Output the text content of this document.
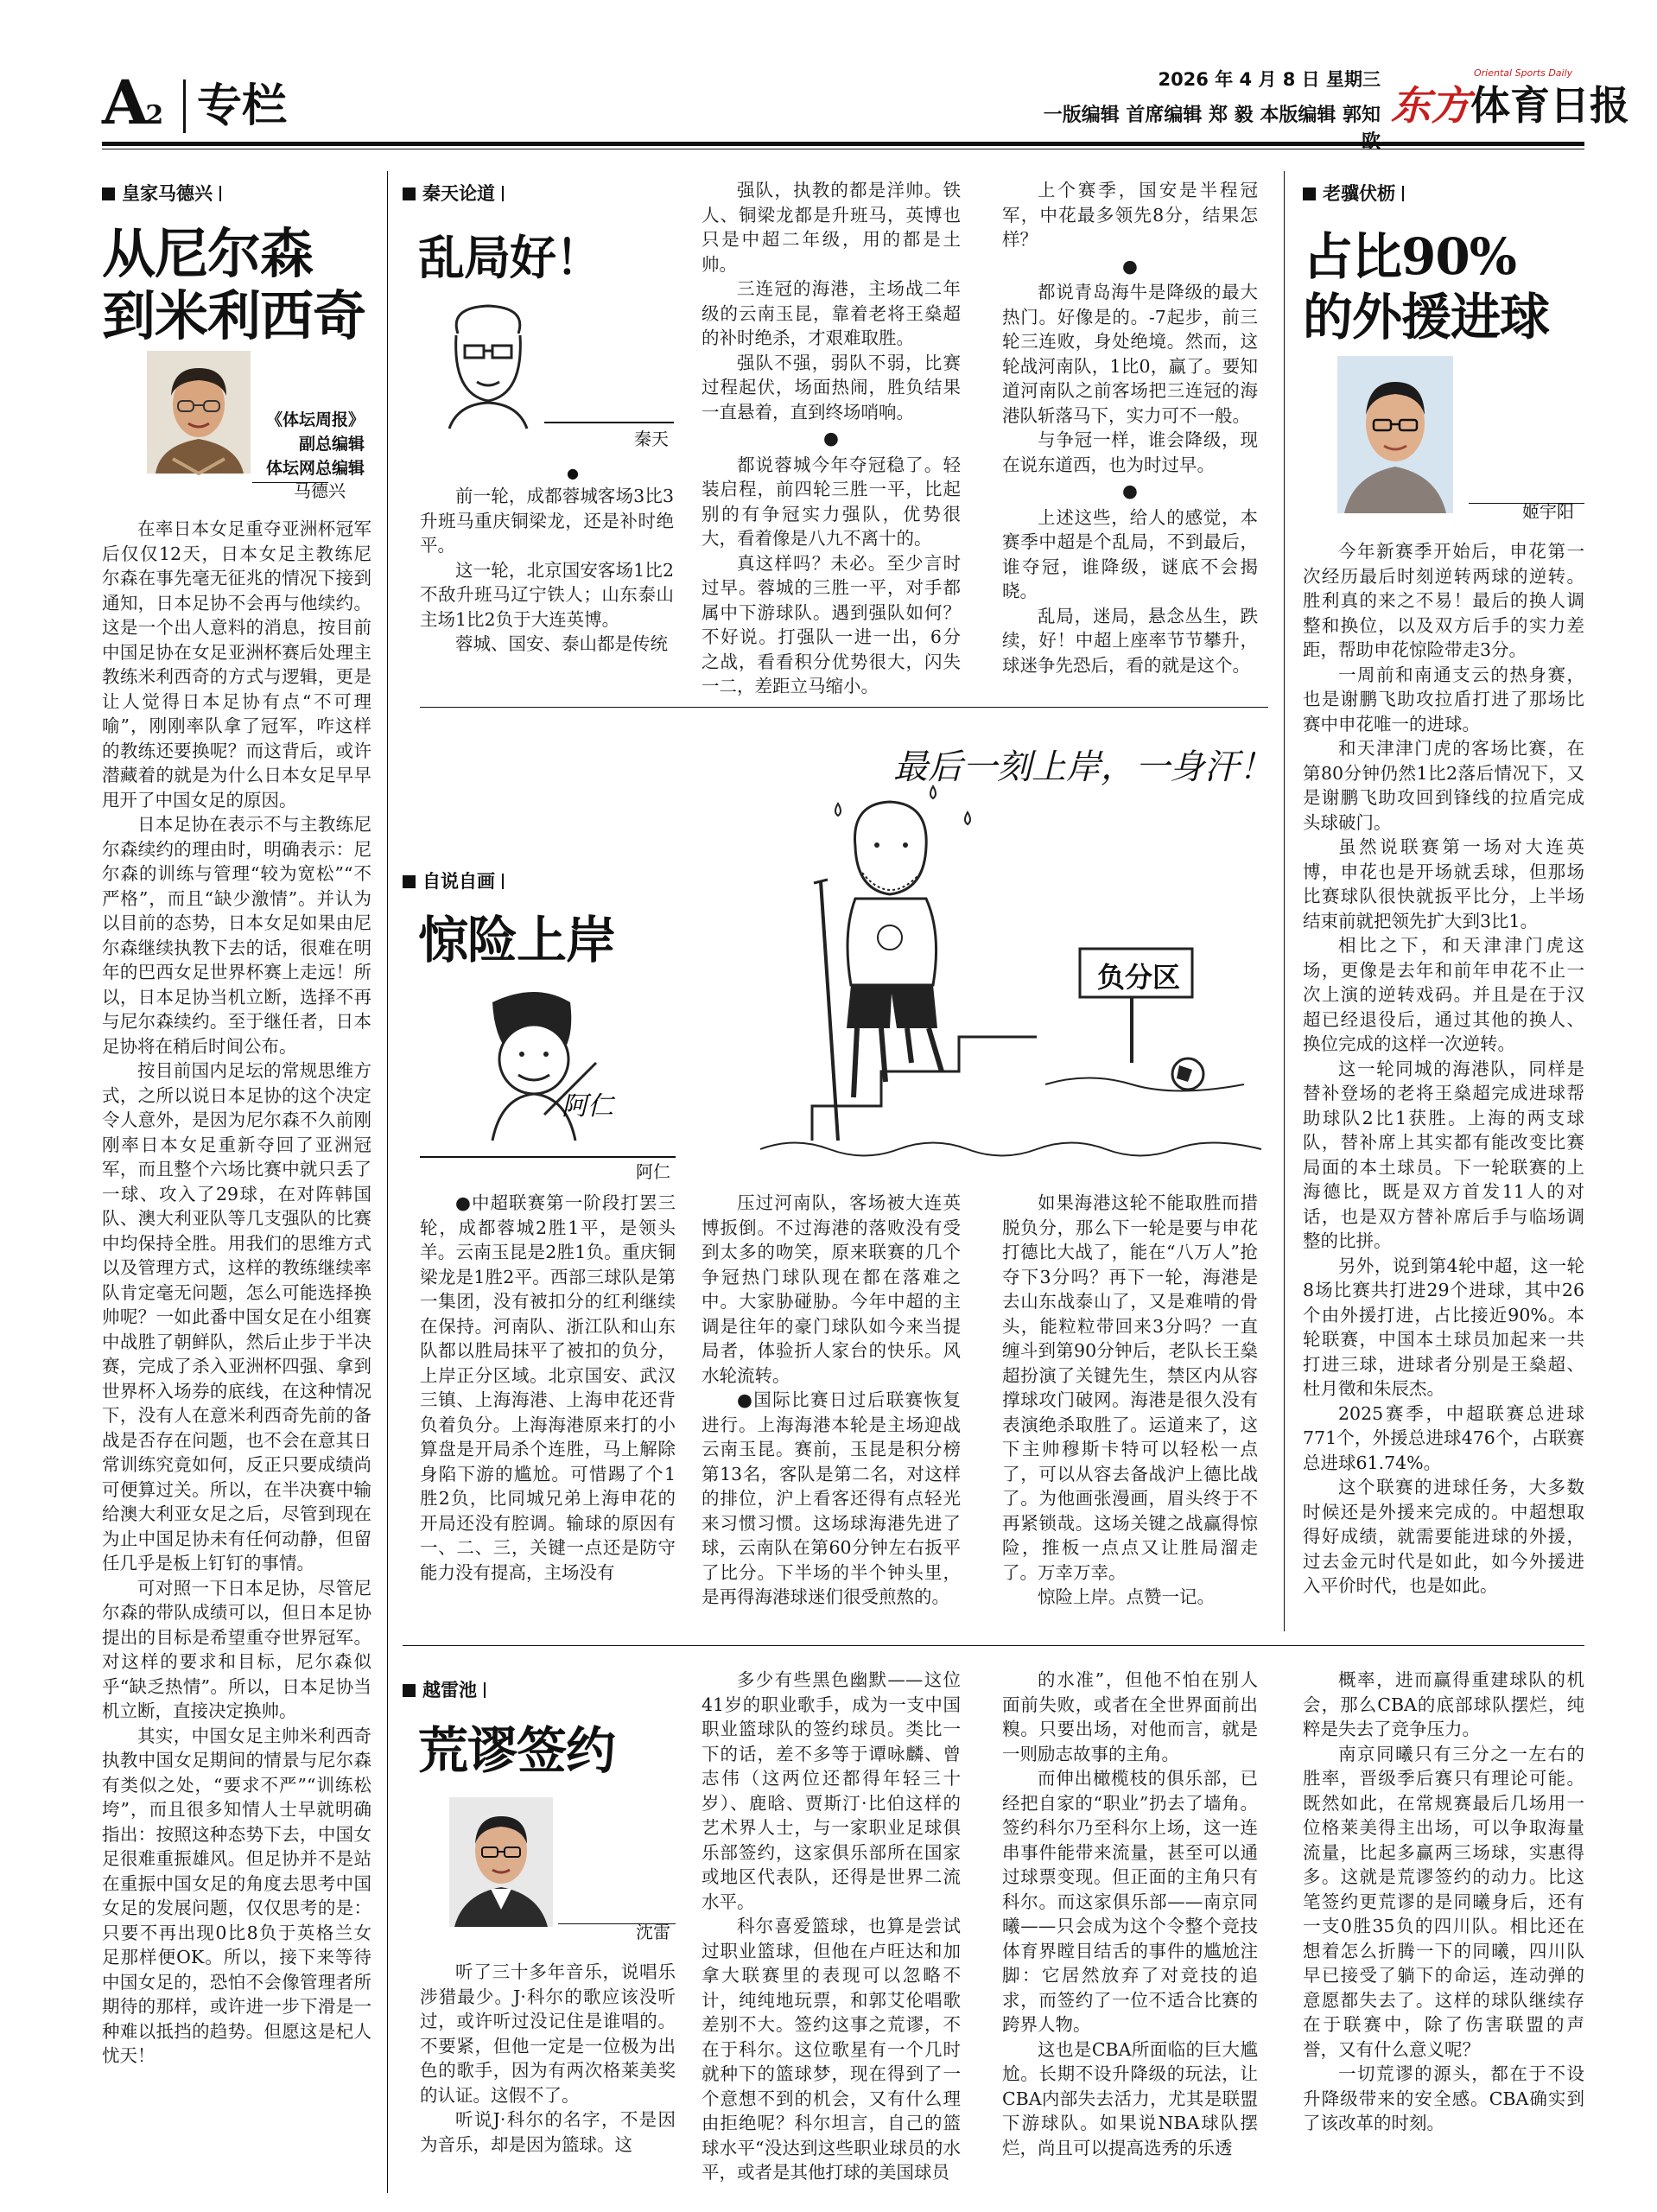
A2 专栏
2026 年 4 月 8 日 星期三
一版编辑 首席编辑 郑 毅 本版编辑 郭知
Oriental Sports Daily
东方体育日报
皇家马德兴
从尼尔森
到米利西奇
《体坛周报》
副总编辑
体坛网总编辑
马德兴

在率日本女足重夺亚洲杯冠军后仅仅12天，日本女足主教练尼尔森在事先毫无征兆的情况下接到通知，日本足协不会再与他续约。这是一个出人意料的消息，按目前中国足协在女足亚洲杯赛后处理主教练米利西奇的方式与逻辑，更是让人觉得日本足协有点“不可理喻”，刚刚率队拿了冠军，咋这样的教练还要换呢？而这背后，或许潜藏着的就是为什么日本女足早早甩开了中国女足的原因。

日本足协在表示不与主教练尼尔森续约的理由时，明确表示：尼尔森的训练与管理“较为宽松”“不严格”，而且“缺少激情”。并认为以目前的态势，日本女足如果由尼尔森继续执教下去的话，很难在明年的巴西女足世界杯赛上走远！所以，日本足协当机立断，选择不再与尼尔森续约。至于继任者，日本足协将在稍后时间公布。

按目前国内足坛的常规思维方式，之所以说日本足协的这个决定令人意外，是因为尼尔森不久前刚刚率日本女足重新夺回了亚洲冠军，而且整个六场比赛中就只丢了一球、攻入了29球，在对阵韩国队、澳大利亚队等几支强队的比赛中均保持全胜。用我们的思维方式以及管理方式，这样的教练继续率队肯定毫无问题，怎么可能选择换帅呢？一如此番中国女足在小组赛中战胜了朝鲜队，然后止步于半决赛，完成了杀入亚洲杯四强、拿到世界杯入场券的底线，在这种情况下，没有人在意米利西奇先前的备战是否存在问题，也不会在意其日常训练究竟如何，反正只要成绩尚可便算过关。所以，在半决赛中输给澳大利亚女足之后，尽管到现在为止中国足协未有任何动静，但留任几乎是板上钉钉的事情。

可对照一下日本足协，尽管尼尔森的带队成绩可以，但日本足协提出的目标是希望重夺世界冠军。对这样的要求和目标，尼尔森似乎“缺乏热情”。所以，日本足协当机立断，直接决定换帅。

其实，中国女足主帅米利西奇执教中国女足期间的情景与尼尔森有类似之处，“要求不严”“训练松垮”，而且很多知情人士早就明确指出：按照这种态势下去，中国女足很难重振雄风。但足协并不是站在重振中国女足的角度去思考中国女足的发展问题，仅仅思考的是：只要不再出现0比8负于英格兰女足那样便OK。所以，接下来等待中国女足的，恐怕不会像管理者所期待的那样，或许进一步下滑是一种难以抵挡的趋势。但愿这是杞人忧天！

秦天论道
乱局好！
秦天

前一轮，成都蓉城客场3比3升班马重庆铜梁龙，还是补时绝平。

这一轮，北京国安客场1比2不敌升班马辽宁铁人；山东泰山主场1比2负于大连英博。

蓉城、国安、泰山都是传统

强队，执教的都是洋帅。铁人、铜梁龙都是升班马，英博也只是中超二年级，用的都是土帅。

三连冠的海港，主场战二年级的云南玉昆，靠着老将王燊超的补时绝杀，才艰难取胜。

强队不强，弱队不弱，比赛过程起伏，场面热闹，胜负结果一直悬着，直到终场哨响。

●

都说蓉城今年夺冠稳了。轻装启程，前四轮三胜一平，比起别的有争冠实力强队，优势很大，看着像是八九不离十的。

真这样吗？未必。至少言时过早。蓉城的三胜一平，对手都属中下游球队。遇到强队如何？不好说。打强队一进一出，6分之战，看看积分优势很大，闪失一二，差距立马缩小。

上个赛季，国安是半程冠军，中花最多领先8分，结果怎样？

●

都说青岛海牛是降级的最大热门。好像是的。-7起步，前三轮三连败，身处绝境。然而，这轮战河南队，1比0，赢了。要知道河南队之前客场把三连冠的海港队斩落马下，实力可不一般。

与争冠一样，谁会降级，现在说东道西，也为时过早。

●

上述这些，给人的感觉，本赛季中超是个乱局，不到最后，谁夺冠，谁降级，谜底不会揭晓。

乱局，迷局，悬念丛生，跌续，好！中超上座率节节攀升，球迷争先恐后，看的就是这个。

●
最后一刻上岸，一身汗！
负分区
老骥伏枥
占比90%
的外援进球
姬宇阳

今年新赛季开始后，申花第一次经历最后时刻逆转两球的逆转。胜利真的来之不易！最后的换人调整和换位，以及双方后手的实力差距，帮助申花惊险带走3分。

一周前和南通支云的热身赛，也是谢鹏飞助攻拉盾打进了那场比赛中申花唯一的进球。

和天津津门虎的客场比赛，在第80分钟仍然1比2落后情况下，又是谢鹏飞助攻回到锋线的拉盾完成头球破门。

虽然说联赛第一场对大连英博，申花也是开场就丢球，但那场比赛球队很快就扳平比分，上半场结束前就把领先扩大到3比1。

相比之下，和天津津门虎这场，更像是去年和前年申花不止一次上演的逆转戏码。并且是在于汉超已经退役后，通过其他的换人、换位完成的这样一次逆转。

这一轮同城的海港队，同样是替补登场的老将王燊超完成进球帮助球队2比1获胜。上海的两支球队，替补席上其实都有能改变比赛局面的本土球员。下一轮联赛的上海德比，既是双方首发11人的对话，也是双方替补席后手与临场调整的比拼。

另外，说到第4轮中超，这一轮8场比赛共打进29个进球，其中26个由外援打进，占比接近90%。本轮联赛，中国本土球员加起来一共打进三球，进球者分别是王燊超、杜月徵和朱辰杰。

2025赛季，中超联赛总进球771个，外援总进球476个，占联赛总进球61.74%。

这个联赛的进球任务，大多数时候还是外援来完成的。中超想取得好成绩，就需要能进球的外援，过去金元时代是如此，如今外援进入平价时代，也是如此。

自说自画
惊险上岸
阿仁
阿仁

●中超联赛第一阶段打罢三轮，成都蓉城2胜1平，是领头羊。云南玉昆是2胜1负。重庆铜梁龙是1胜2平。西部三球队是第一集团，没有被扣分的红利继续在保持。河南队、浙江队和山东队都以胜局抹平了被扣的负分，上岸正分区域。北京国安、武汉三镇、上海海港、上海申花还背负着负分。上海海港原来打的小算盘是开局杀个连胜，马上解除身陷下游的尴尬。可惜踢了个1胜2负，比同城兄弟上海申花的开局还没有腔调。输球的原因有一、二、三，关键一点还是防守能力没有提高，主场没有

压过河南队，客场被大连英博扳倒。不过海港的落败没有受到太多的吻笑，原来联赛的几个争冠热门球队现在都在落难之中。大家胁碰胁。今年中超的主调是往年的豪门球队如今来当提局者，体验折人家台的快乐。风水轮流转。

●国际比赛日过后联赛恢复进行。上海海港本轮是主场迎战云南玉昆。赛前，玉昆是积分榜第13名，客队是第二名，对这样的排位，沪上看客还得有点轻光来习惯习惯。这场球海港先进了球，云南队在第60分钟左右扳平了比分。下半场的半个钟头里，是再得海港球迷们很受煎熬的。

如果海港这轮不能取胜而措脱负分，那么下一轮是要与申花打德比大战了，能在“八万人”抢夺下3分吗？再下一轮，海港是去山东战泰山了，又是难啃的骨头，能粒粒带回来3分吗？一直缠斗到第90分钟后，老队长王燊超扮演了关键先生，禁区内从容撑球攻门破网。海港是很久没有表演绝杀取胜了。运道来了，这下主帅穆斯卡特可以轻松一点了，可以从容去备战沪上德比战了。为他画张漫画，眉头终于不再紧锁哉。这场关键之战赢得惊险，推板一点点又让胜局溜走了。万幸万幸。

惊险上岸。点赞一记。

越雷池
荒谬签约
沈雷

听了三十多年音乐，说唱乐涉猎最少。J·科尔的歌应该没听过，或许听过没记住是谁唱的。不要紧，但他一定是一位极为出色的歌手，因为有两次格莱美奖的认证。这假不了。

听说J·科尔的名字，不是因为音乐，却是因为篮球。这

多少有些黑色幽默——这位41岁的职业歌手，成为一支中国职业篮球队的签约球员。类比一下的话，差不多等于谭咏麟、曾志伟（这两位还都得年轻三十岁）、鹿晗、贾斯汀·比伯这样的艺术界人士，与一家职业足球俱乐部签约，这家俱乐部所在国家或地区代表队，还得是世界二流水平。

科尔喜爱篮球，也算是尝试过职业篮球，但他在卢旺达和加拿大联赛里的表现可以忽略不计，纯纯地玩票，和郭艾伦唱歌差别不大。签约这事之荒谬，不在于科尔。这位歌星有一个几时就种下的篮球梦，现在得到了一个意想不到的机会，又有什么理由拒绝呢？科尔坦言，自己的篮球水平“没达到这些职业球员的水平，或者是其他打球的美国球员

的水准”，但他不怕在别人面前失败，或者在全世界面前出糗。只要出场，对他而言，就是一则励志故事的主角。

而伸出橄榄枝的俱乐部，已经把自家的“职业”扔去了墙角。签约科尔乃至科尔上场，这一连串事件能带来流量，甚至可以通过球票变现。但正面的主角只有科尔。而这家俱乐部——南京同曦——只会成为这个令整个竞技体育界瞠目结舌的事件的尴尬注脚：它居然放弃了对竞技的追求，而签约了一位不适合比赛的跨界人物。

这也是CBA所面临的巨大尴尬。长期不设升降级的玩法，让CBA内部失去活力，尤其是联盟下游球队。如果说NBA球队摆烂，尚且可以提高选秀的乐透

概率，进而赢得重建球队的机会，那么CBA的底部球队摆烂，纯粹是失去了竞争压力。

南京同曦只有三分之一左右的胜率，晋级季后赛只有理论可能。既然如此，在常规赛最后几场用一位格莱美得主出场，可以争取海量流量，比起多赢两三场球，实惠得多。这就是荒谬签约的动力。比这笔签约更荒谬的是同曦身后，还有一支0胜35负的四川队。相比还在想着怎么折腾一下的同曦，四川队早已接受了躺下的命运，连动弹的意愿都失去了。这样的球队继续存在于联赛中，除了伤害联盟的声誉，又有什么意义呢？

一切荒谬的源头，都在于不设升降级带来的安全感。CBA确实到了该改革的时刻。
